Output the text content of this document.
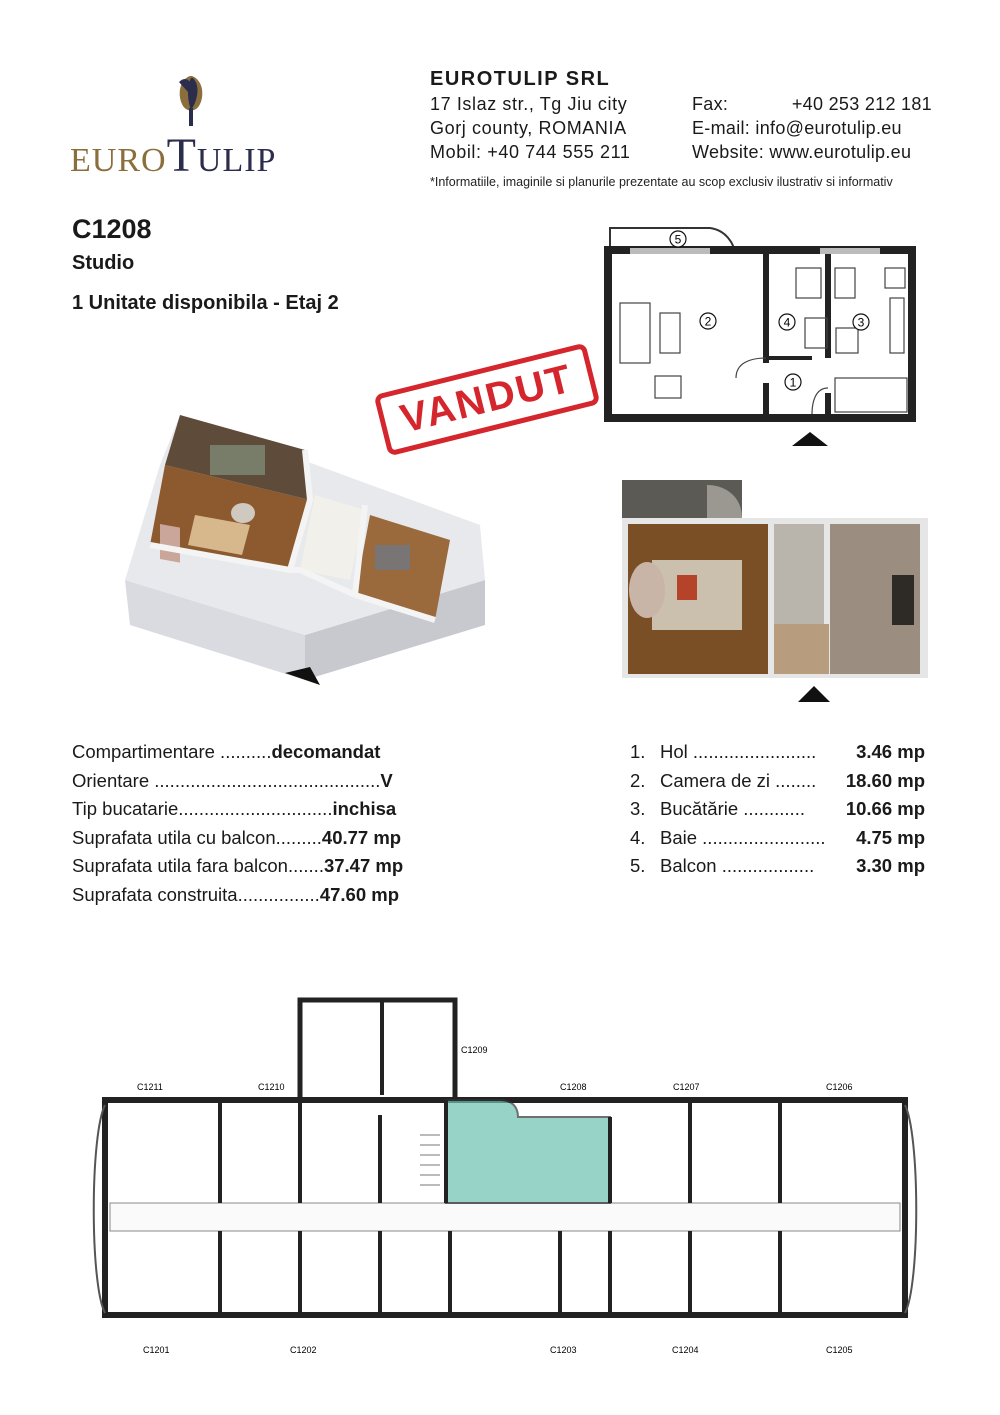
EUROTULIP
EUROTULIP SRL
17 Islaz str., Tg Jiu city
Gorj county, ROMANIA
Mobil: +40 744 555 211
Fax:	+40 253 212 181
E-mail: info@eurotulip.eu
Website: www.eurotulip.eu
*Informatiile, imaginile si planurile prezentate au scop exclusiv ilustrativ si informativ
C1208
Studio
1 Unitate disponibila - Etaj 2
VANDUT
5
2	4	3
1
Compartimentare ..........decomandat
Orientare ............................................V
Tip bucatarie..............................inchisa
Suprafata utila cu balcon.........40.77 mp
Suprafata utila fara balcon.......37.47 mp
Suprafata construita................47.60 mp
1. Hol ........................	3.46 mp
2. Camera de zi ........	18.60 mp
3. Bucătărie ............	10.66 mp
4. Baie ........................	4.75 mp
5. Balcon ..................	3.30 mp
C1211	C1210
C1209
C1208	C1207	C1206
C1201	C1202	C1203	C1204	C1205
